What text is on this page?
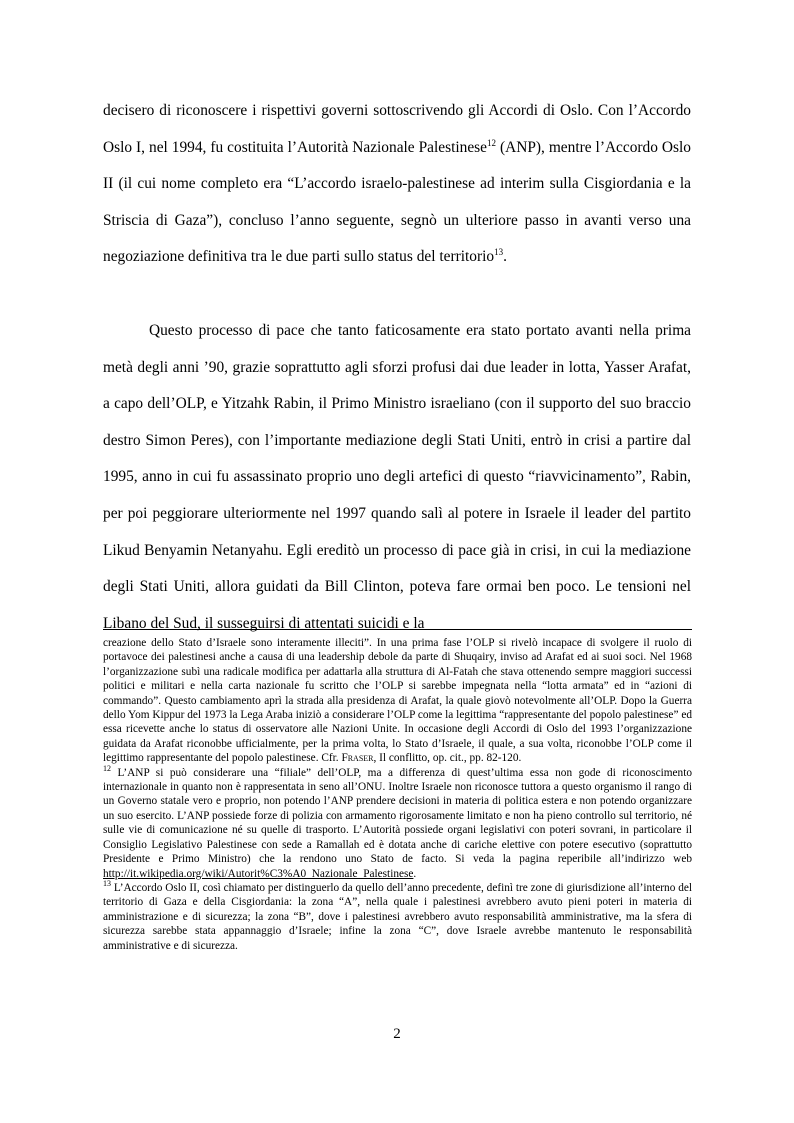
decisero di riconoscere i rispettivi governi sottoscrivendo gli Accordi di Oslo. Con l’Accordo Oslo I, nel 1994, fu costituita l’Autorità Nazionale Palestinese$^{12}$ (ANP), mentre l’Accordo Oslo II (il cui nome completo era “L’accordo israelo-palestinese ad interim sulla Cisgiordania e la Striscia di Gaza”), concluso l’anno seguente, segnò un ulteriore passo in avanti verso una negoziazione definitiva tra le due parti sullo status del territorio$^{13}$.

Questo processo di pace che tanto faticosamente era stato portato avanti nella prima metà degli anni ’90, grazie soprattutto agli sforzi profusi dai due leader in lotta, Yasser Arafat, a capo dell’OLP, e Yitzahk Rabin, il Primo Ministro israeliano (con il supporto del suo braccio destro Simon Peres), con l’importante mediazione degli Stati Uniti, entrò in crisi a partire dal 1995, anno in cui fu assassinato proprio uno degli artefici di questo “riavvicinamento”, Rabin, per poi peggiorare ulteriormente nel 1997 quando salì al potere in Israele il leader del partito Likud Benyamin Netanyahu. Egli ereditò un processo di pace già in crisi, in cui la mediazione degli Stati Uniti, allora guidati da Bill Clinton, poteva fare ormai ben poco. Le tensioni nel Libano del Sud, il susseguirsi di attentati suicidi e la

creazione dello Stato d’Israele sono interamente illeciti”. In una prima fase l’OLP si rivelò incapace di svolgere il ruolo di portavoce dei palestinesi anche a causa di una leadership debole da parte di Shuqairy, inviso ad Arafat ed ai suoi soci. Nel 1968 l’organizzazione subì una radicale modifica per adattarla alla struttura di Al-Fatah che stava ottenendo sempre maggiori successi politici e militari e nella carta nazionale fu scritto che l’OLP si sarebbe impegnata nella “lotta armata” ed in “azioni di commando”. Questo cambiamento aprì la strada alla presidenza di Arafat, la quale giovò notevolmente all’OLP. Dopo la Guerra dello Yom Kippur del 1973 la Lega Araba iniziò a considerare l’OLP come la legittima “rappresentante del popolo palestinese” ed essa ricevette anche lo status di osservatore alle Nazioni Unite. In occasione degli Accordi di Oslo del 1993 l’organizzazione guidata da Arafat riconobbe ufficialmente, per la prima volta, lo Stato d’Israele, il quale, a sua volta, riconobbe l’OLP come il legittimo rappresentante del popolo palestinese. Cfr. Fraser, Il conflitto, op. cit., pp. 82-120.

$^{12}$ L’ANP si può considerare una “filiale” dell’OLP, ma a differenza di quest’ultima essa non gode di riconoscimento internazionale in quanto non è rappresentata in seno all’ONU. Inoltre Israele non riconosce tuttora a questo organismo il rango di un Governo statale vero e proprio, non potendo l’ANP prendere decisioni in materia di politica estera e non potendo organizzare un suo esercito. L’ANP possiede forze di polizia con armamento rigorosamente limitato e non ha pieno controllo sul territorio, né sulle vie di comunicazione né su quelle di trasporto. L’Autorità possiede organi legislativi con poteri sovrani, in particolare il Consiglio Legislativo Palestinese con sede a Ramallah ed è dotata anche di cariche elettive con potere esecutivo (soprattutto Presidente e Primo Ministro) che la rendono uno Stato de facto. Si veda la pagina reperibile all’indirizzo web http://it.wikipedia.org/wiki/Autorit%C3%A0_Nazionale_Palestinese.

$^{13}$ L’Accordo Oslo II, così chiamato per distinguerlo da quello dell’anno precedente, definì tre zone di giurisdizione all’interno del territorio di Gaza e della Cisgiordania: la zona “A”, nella quale i palestinesi avrebbero avuto pieni poteri in materia di amministrazione e di sicurezza; la zona “B”, dove i palestinesi avrebbero avuto responsabilità amministrative, ma la sfera di sicurezza sarebbe stata appannaggio d’Israele; infine la zona “C”, dove Israele avrebbe mantenuto le responsabilità amministrative e di sicurezza.

2
